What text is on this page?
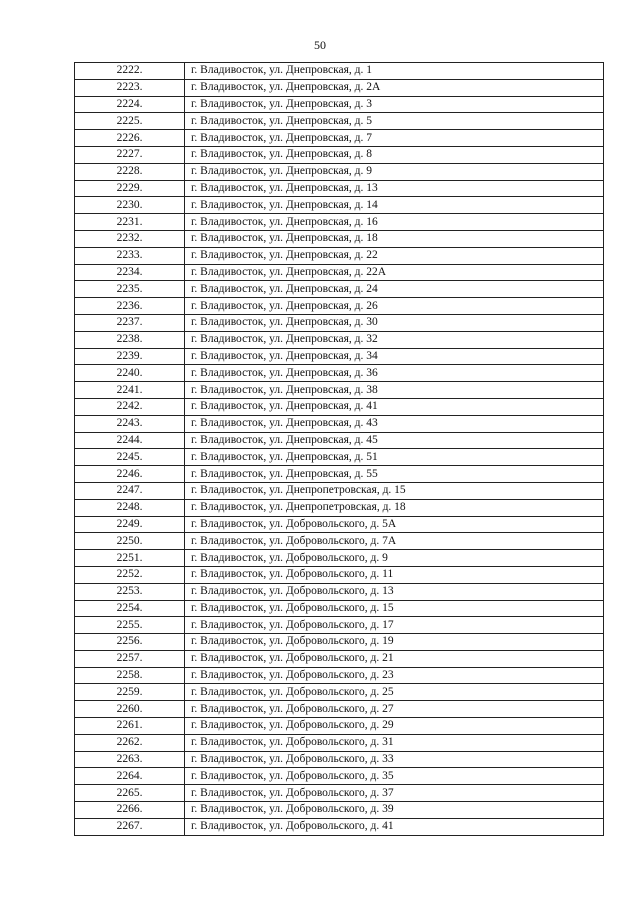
50
2222.	г. Владивосток, ул. Днепровская, д. 1
2223.	г. Владивосток, ул. Днепровская, д. 2А
2224.	г. Владивосток, ул. Днепровская, д. 3
2225.	г. Владивосток, ул. Днепровская, д. 5
2226.	г. Владивосток, ул. Днепровская, д. 7
2227.	г. Владивосток, ул. Днепровская, д. 8
2228.	г. Владивосток, ул. Днепровская, д. 9
2229.	г. Владивосток, ул. Днепровская, д. 13
2230.	г. Владивосток, ул. Днепровская, д. 14
2231.	г. Владивосток, ул. Днепровская, д. 16
2232.	г. Владивосток, ул. Днепровская, д. 18
2233.	г. Владивосток, ул. Днепровская, д. 22
2234.	г. Владивосток, ул. Днепровская, д. 22А
2235.	г. Владивосток, ул. Днепровская, д. 24
2236.	г. Владивосток, ул. Днепровская, д. 26
2237.	г. Владивосток, ул. Днепровская, д. 30
2238.	г. Владивосток, ул. Днепровская, д. 32
2239.	г. Владивосток, ул. Днепровская, д. 34
2240.	г. Владивосток, ул. Днепровская, д. 36
2241.	г. Владивосток, ул. Днепровская, д. 38
2242.	г. Владивосток, ул. Днепровская, д. 41
2243.	г. Владивосток, ул. Днепровская, д. 43
2244.	г. Владивосток, ул. Днепровская, д. 45
2245.	г. Владивосток, ул. Днепровская, д. 51
2246.	г. Владивосток, ул. Днепровская, д. 55
2247.	г. Владивосток, ул. Днепропетровская, д. 15
2248.	г. Владивосток, ул. Днепропетровская, д. 18
2249.	г. Владивосток, ул. Добровольского, д. 5А
2250.	г. Владивосток, ул. Добровольского, д. 7А
2251.	г. Владивосток, ул. Добровольского, д. 9
2252.	г. Владивосток, ул. Добровольского, д. 11
2253.	г. Владивосток, ул. Добровольского, д. 13
2254.	г. Владивосток, ул. Добровольского, д. 15
2255.	г. Владивосток, ул. Добровольского, д. 17
2256.	г. Владивосток, ул. Добровольского, д. 19
2257.	г. Владивосток, ул. Добровольского, д. 21
2258.	г. Владивосток, ул. Добровольского, д. 23
2259.	г. Владивосток, ул. Добровольского, д. 25
2260.	г. Владивосток, ул. Добровольского, д. 27
2261.	г. Владивосток, ул. Добровольского, д. 29
2262.	г. Владивосток, ул. Добровольского, д. 31
2263.	г. Владивосток, ул. Добровольского, д. 33
2264.	г. Владивосток, ул. Добровольского, д. 35
2265.	г. Владивосток, ул. Добровольского, д. 37
2266.	г. Владивосток, ул. Добровольского, д. 39
2267.	г. Владивосток, ул. Добровольского, д. 41
